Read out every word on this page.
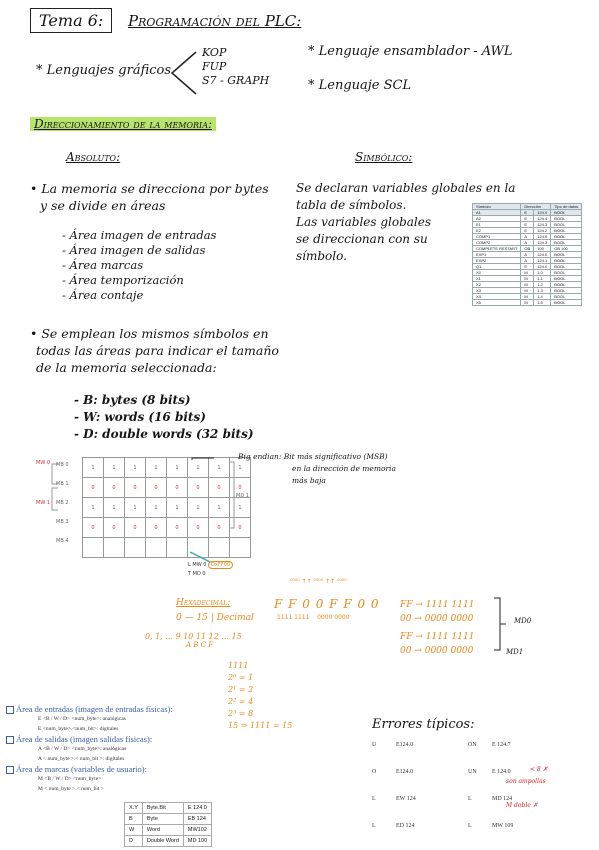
Tema 6:	Programación del PLC:
* Lenguajes gráficos
KOP
FUP
S7 - GRAPH
* Lenguaje ensamblador - AWL
* Lenguaje SCL
Direccionamiento de la memoria:
Absoluto:	Simbólico:
• La memoria se direcciona por bytes
y se divide en áreas
- Área imagen de entradas
- Área imagen de salidas
- Área marcas
- Área temporización
- Área contaje
• Se emplean los mismos símbolos en
todas las áreas para indicar el tamaño
de la memoria seleccionada:
- B: bytes (8 bits)
- W: words (16 bits)
- D: double words (32 bits)
Se declaran variables globales en la
tabla de símbolos.
Las variables globales
se direccionan con su
símbolo.
Símbolo	Dirección		Tipo de datos
A1	E	124.0	BOOL
A2	E	124.4	BOOL
E1	E	124.3	BOOL
E2	E	124.2	BOOL
COMP1	A	124.0	BOOL
COMP2	A	124.3	BOOL
COMPLETE RESTART	OB	100	OB 100
EXP1	A	124.0	BOOL
EXP2	A	124.1	BOOL
Q1	E	124.0	BOOL
X0	M	1.0	BOOL
X1	M	1.1	BOOL
X2	M	1.2	BOOL
X3	M	1.3	BOOL
X4	M	1.4	BOOL
X5	M	1.5	BOOL
MW 0
MW 1
MB 0
MB 1
MB 2
MB 3
MB 4
1	1	1	1	1	1	1	1
0	0	0	0	0	0	0	0
1	1	1	1	1	1	1	1
0	0	0	0	0	0	0	0

MD 1
L MW 0 OxFF00
T MD 0
Big endian: Bit más significativo (MSB)
en la dirección de memoria
más baja
⁰⁰⁰⁰ ↑↑ ⁰⁰⁰⁰ ↑↑ ⁰⁰⁰⁰
Hexadecimal:	F F 0 0 F F 0 0
1111 1111 0000 0000
0 — 15 | Decimal
0, 1, ... 9 10 11 12 ... 15
A B C F
1111
2⁰ = 1
2¹ = 2
2² = 4
2³ = 8
15 ⇒ 1111 = 15
FF → 1111 1111
00 → 0000 0000
FF → 1111 1111
00 → 0000 0000
MD0
MD1
Área de entradas (imagen de entradas físicas):
E <B / W / D> <num_byte>: analógicas
E <num_byte>.<num_bit>: digitales
Área de salidas (imagen salidas físicas):
A <B / W / D> <num_byte>: analógicas
A < num_byte >.< num_bit >: digitales
Área de marcas (variables de usuario):
M <B / W / D> <num_byte>
M < num_byte >.< num_bit >
X.Y	Byte.Bit	E 124.0
B	Byte	EB 124
W	Word	MW102
D	Double Word	MD 100
Errores típicos:
U	E124.0	ON	E 124.7
O	E124.0	UN	E 124.0
L	EW 124	L	MD 124
L	ED 124	L	MW 109
< 8 ✗
son ampollas
M doble ✗
